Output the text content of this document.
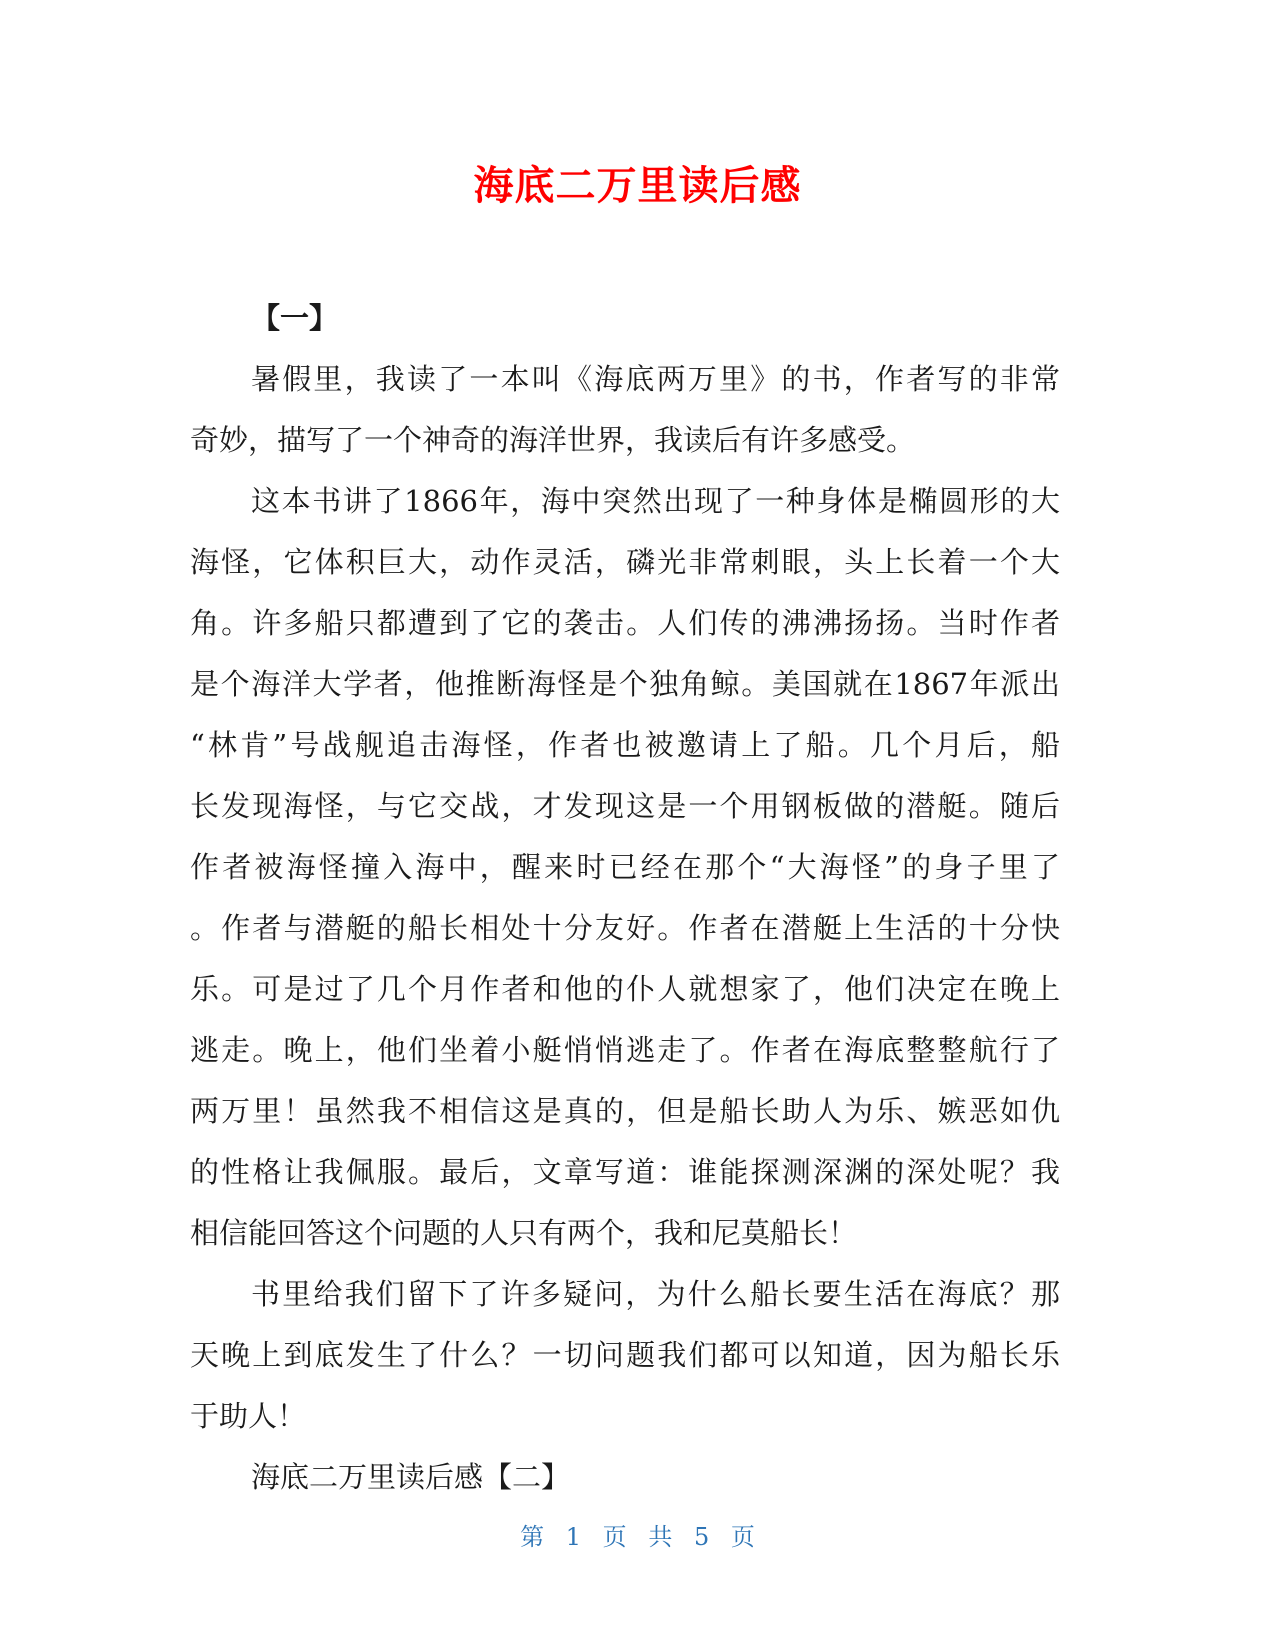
海底二万里读后感
【一】
暑假里，我读了一本叫《海底两万里》的书，作者写的非常
奇妙，描写了一个神奇的海洋世界，我读后有许多感受。
这本书讲了1866年，海中突然出现了一种身体是椭圆形的大
海怪，它体积巨大，动作灵活，磷光非常刺眼，头上长着一个大
角。许多船只都遭到了它的袭击。人们传的沸沸扬扬。当时作者
是个海洋大学者，他推断海怪是个独角鲸。美国就在1867年派出
“林肯”号战舰追击海怪，作者也被邀请上了船。几个月后，船
长发现海怪，与它交战，才发现这是一个用钢板做的潜艇。随后
作者被海怪撞入海中，醒来时已经在那个“大海怪”的身子里了
。作者与潜艇的船长相处十分友好。作者在潜艇上生活的十分快
乐。可是过了几个月作者和他的仆人就想家了，他们决定在晚上
逃走。晚上，他们坐着小艇悄悄逃走了。作者在海底整整航行了
两万里！虽然我不相信这是真的，但是船长助人为乐、嫉恶如仇
的性格让我佩服。最后，文章写道：谁能探测深渊的深处呢？我
相信能回答这个问题的人只有两个，我和尼莫船长！
书里给我们留下了许多疑问，为什么船长要生活在海底？那
天晚上到底发生了什么？一切问题我们都可以知道，因为船长乐
于助人！
海底二万里读后感【二】
第 1 页 共 5 页
